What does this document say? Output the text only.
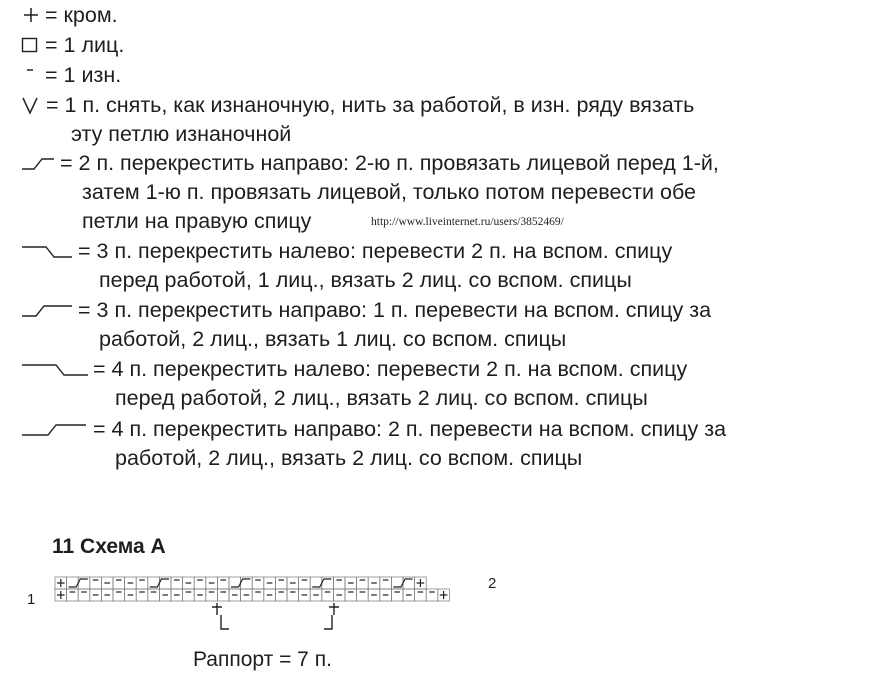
= кром.
= 1 лиц.
= 1 изн.
= 1 п. снять, как изнаночную, нить за работой, в изн. ряду вязать
эту петлю изнаночной
= 2 п. перекрестить направо: 2-ю п. провязать лицевой перед 1-й,
затем 1-ю п. провязать лицевой, только потом перевести обе
петли на правую спицу	http://www.liveinternet.ru/users/3852469/
= 3 п. перекрестить налево: перевести 2 п. на вспом. спицу
перед работой, 1 лиц., вязать 2 лиц. со вспом. спицы
= 3 п. перекрестить направо: 1 п. перевести на вспом. спицу за
работой, 2 лиц., вязать 1 лиц. со вспом. спицы
= 4 п. перекрестить налево: перевести 2 п. на вспом. спицу
перед работой, 2 лиц., вязать 2 лиц. со вспом. спицы
= 4 п. перекрестить направо: 2 п. перевести на вспом. спицу за
работой, 2 лиц., вязать 2 лиц. со вспом. спицы
11 Схема А
1
2
Раппорт = 7 п.
